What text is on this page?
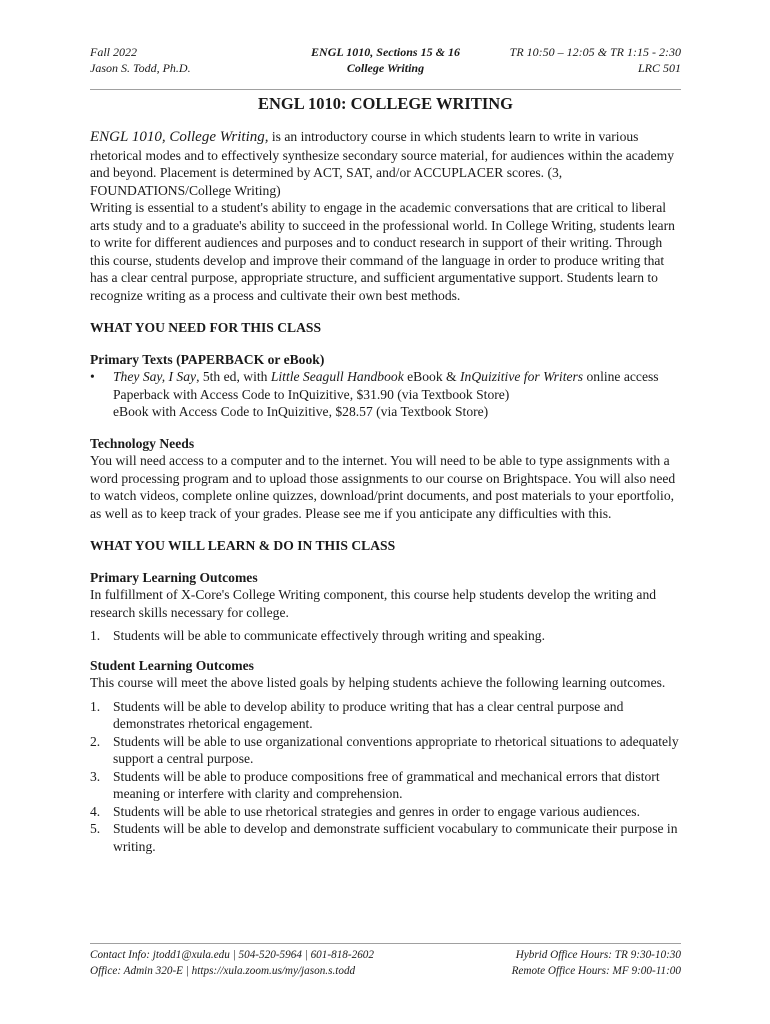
Fall 2022
Jason S. Todd, Ph.D.
ENGL 1010, Sections 15 & 16
College Writing
TR 10:50 – 12:05 & TR 1:15 - 2:30
LRC 501
ENGL 1010: COLLEGE WRITING

ENGL 1010, College Writing, is an introductory course in which students learn to write in various rhetorical modes and to effectively synthesize secondary source material, for audiences within the academy and beyond. Placement is determined by ACT, SAT, and/or ACCUPLACER scores. (3, FOUNDATIONS/College Writing)

Writing is essential to a student's ability to engage in the academic conversations that are critical to liberal arts study and to a graduate's ability to succeed in the professional world. In College Writing, students learn to write for different audiences and purposes and to conduct research in support of their writing. Through this course, students develop and improve their command of the language in order to produce writing that has a clear central purpose, appropriate structure, and sufficient argumentative support. Students learn to recognize writing as a process and cultivate their own best methods.

WHAT YOU NEED FOR THIS CLASS

Primary Texts (PAPERBACK or eBook)

• They Say, I Say, 5th ed, with Little Seagull Handbook eBook & InQuizitive for Writers online access
Paperback with Access Code to InQuizitive, $31.90 (via Textbook Store)
eBook with Access Code to InQuizitive, $28.57 (via Textbook Store)

Technology Needs

You will need access to a computer and to the internet. You will need to be able to type assignments with a word processing program and to upload those assignments to our course on Brightspace. You will also need to watch videos, complete online quizzes, download/print documents, and post materials to your eportfolio, as well as to keep track of your grades. Please see me if you anticipate any difficulties with this.

WHAT YOU WILL LEARN & DO IN THIS CLASS

Primary Learning Outcomes

In fulfillment of X-Core's College Writing component, this course help students develop the writing and research skills necessary for college.

1. Students will be able to communicate effectively through writing and speaking.

Student Learning Outcomes

This course will meet the above listed goals by helping students achieve the following learning outcomes.

1. Students will be able to develop ability to produce writing that has a clear central purpose and demonstrates rhetorical engagement.
2. Students will be able to use organizational conventions appropriate to rhetorical situations to adequately support a central purpose.
3. Students will be able to produce compositions free of grammatical and mechanical errors that distort meaning or interfere with clarity and comprehension.
4. Students will be able to use rhetorical strategies and genres in order to engage various audiences.
5. Students will be able to develop and demonstrate sufficient vocabulary to communicate their purpose in writing.
Contact Info: jtodd1@xula.edu | 504-520-5964 | 601-818-2602
Office: Admin 320-E | https://xula.zoom.us/my/jason.s.todd
Hybrid Office Hours: TR 9:30-10:30
Remote Office Hours: MF 9:00-11:00
